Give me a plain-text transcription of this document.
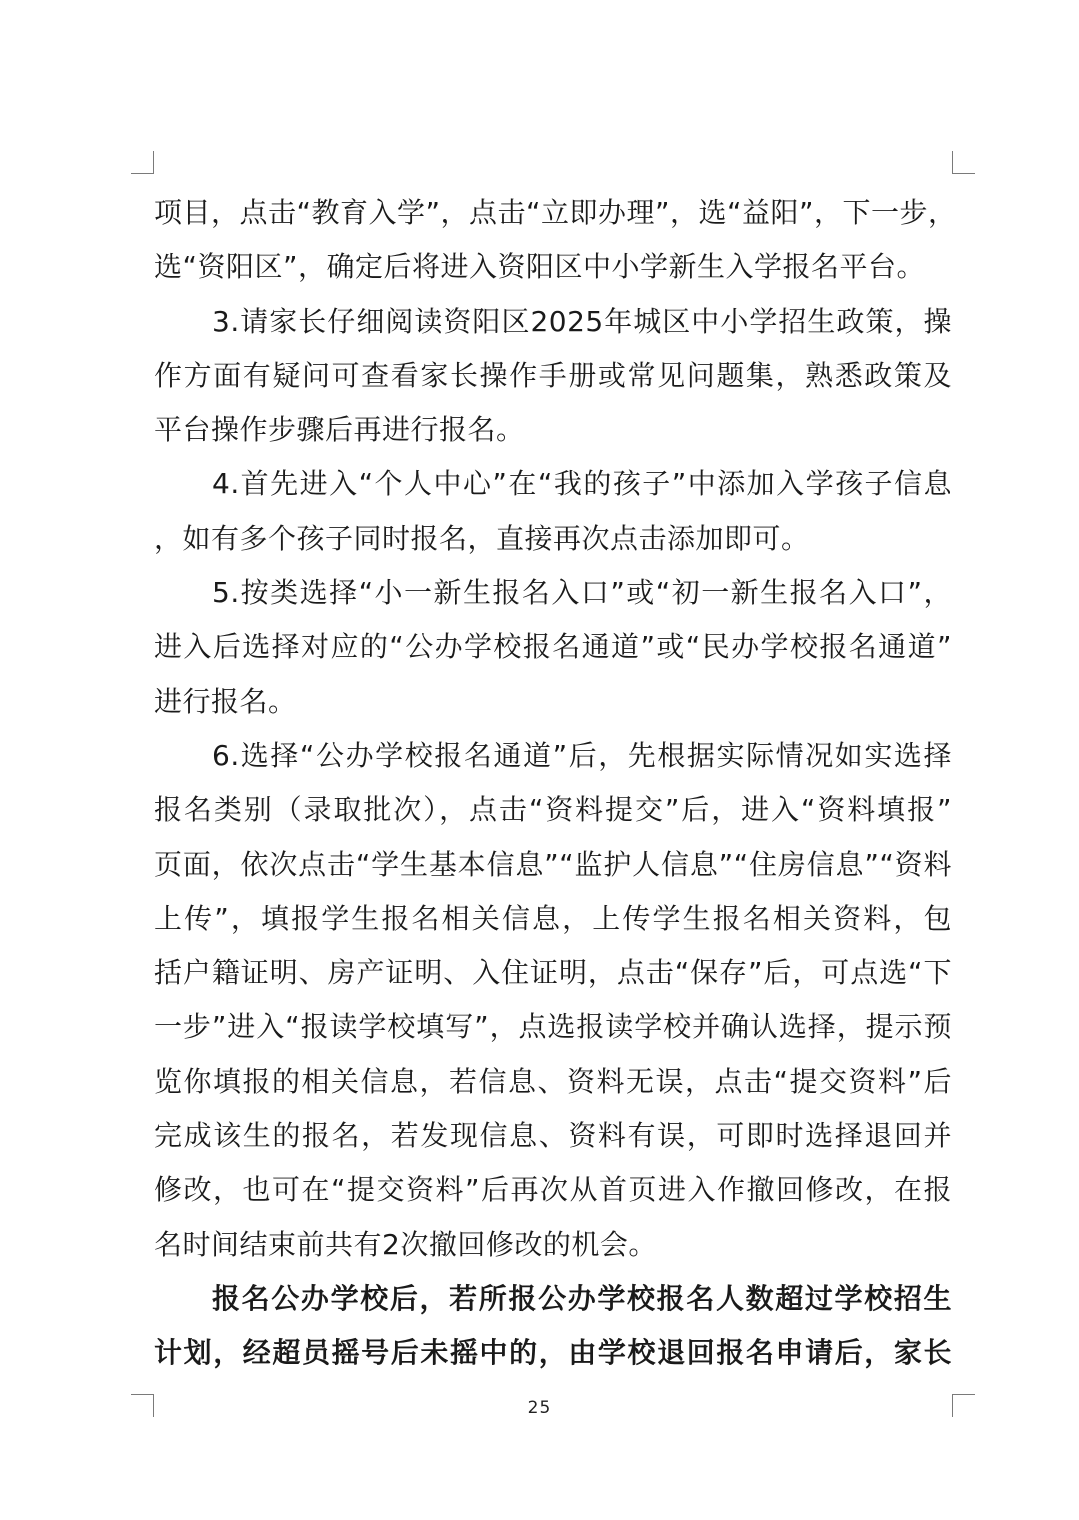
项目，点击“教育入学”，点击“立即办理”，选“益阳”，下一步，
选“资阳区”，确定后将进入资阳区中小学新生入学报名平台。
3.请家长仔细阅读资阳区2025年城区中小学招生政策，操
作方面有疑问可查看家长操作手册或常见问题集，熟悉政策及
平台操作步骤后再进行报名。
4.首先进入“个人中心”在“我的孩子”中添加入学孩子信息
，如有多个孩子同时报名，直接再次点击添加即可。
5.按类选择“小一新生报名入口”或“初一新生报名入口”，
进入后选择对应的“公办学校报名通道”或“民办学校报名通道”
进行报名。
6.选择“公办学校报名通道”后，先根据实际情况如实选择
报名类别（录取批次），点击“资料提交”后，进入“资料填报”
页面，依次点击“学生基本信息”“监护人信息”“住房信息”“资料
上传”，填报学生报名相关信息，上传学生报名相关资料，包
括户籍证明、房产证明、入住证明，点击“保存”后，可点选“下
一步”进入“报读学校填写”，点选报读学校并确认选择，提示预
览你填报的相关信息，若信息、资料无误，点击“提交资料”后
完成该生的报名，若发现信息、资料有误，可即时选择退回并
修改，也可在“提交资料”后再次从首页进入作撤回修改，在报
名时间结束前共有2次撤回修改的机会。
报名公办学校后，若所报公办学校报名人数超过学校招生
计划，经超员摇号后未摇中的，由学校退回报名申请后，家长
25
